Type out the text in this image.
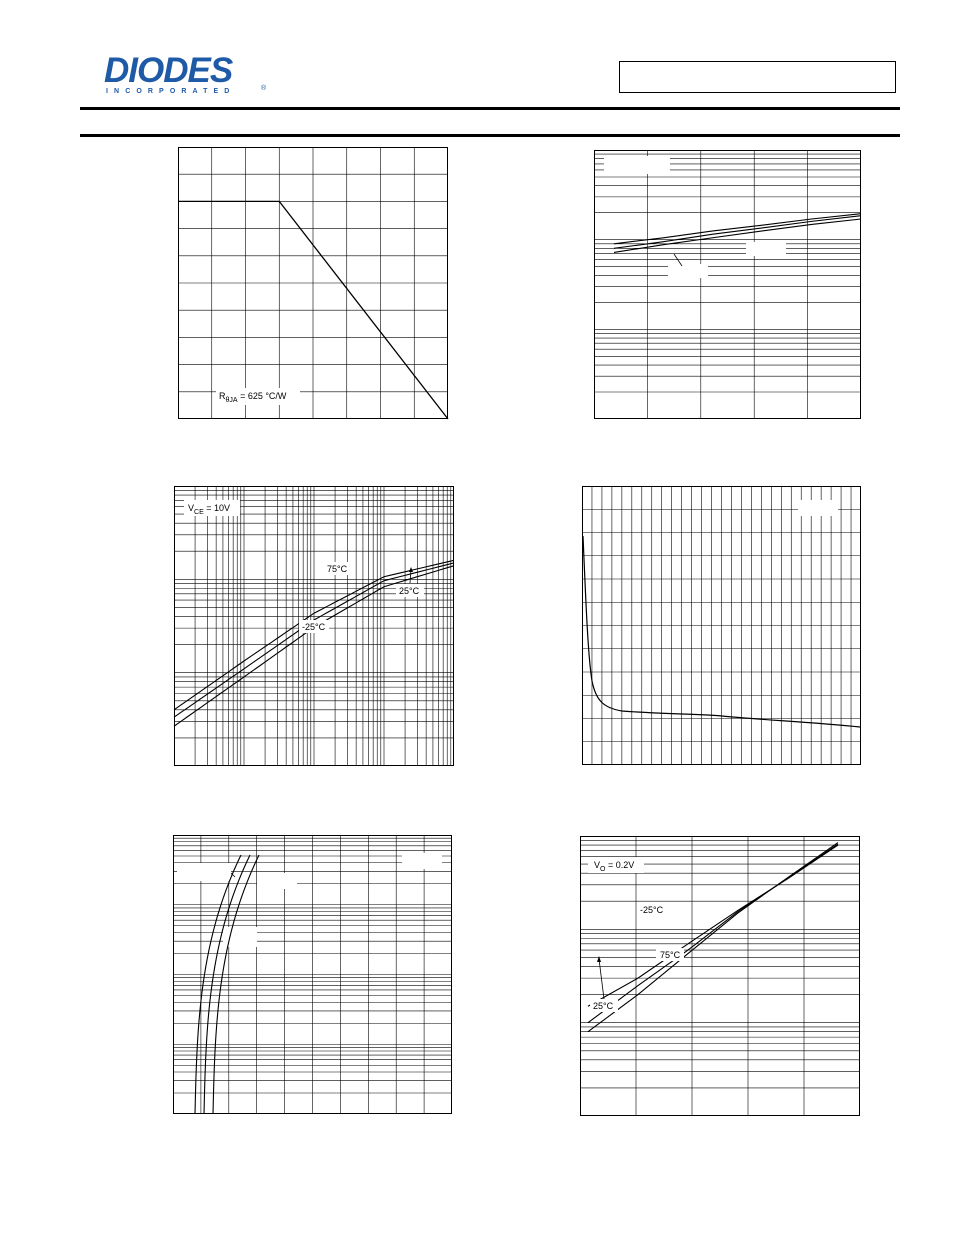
DIODES
INCORPORATED	®
$R_{\theta JA} = 625$ °C/W
$V_{CE} = 10V$
75°C
25°C
-25°C
$V_O = 0.2V$
-25°C
75°C
25°C
